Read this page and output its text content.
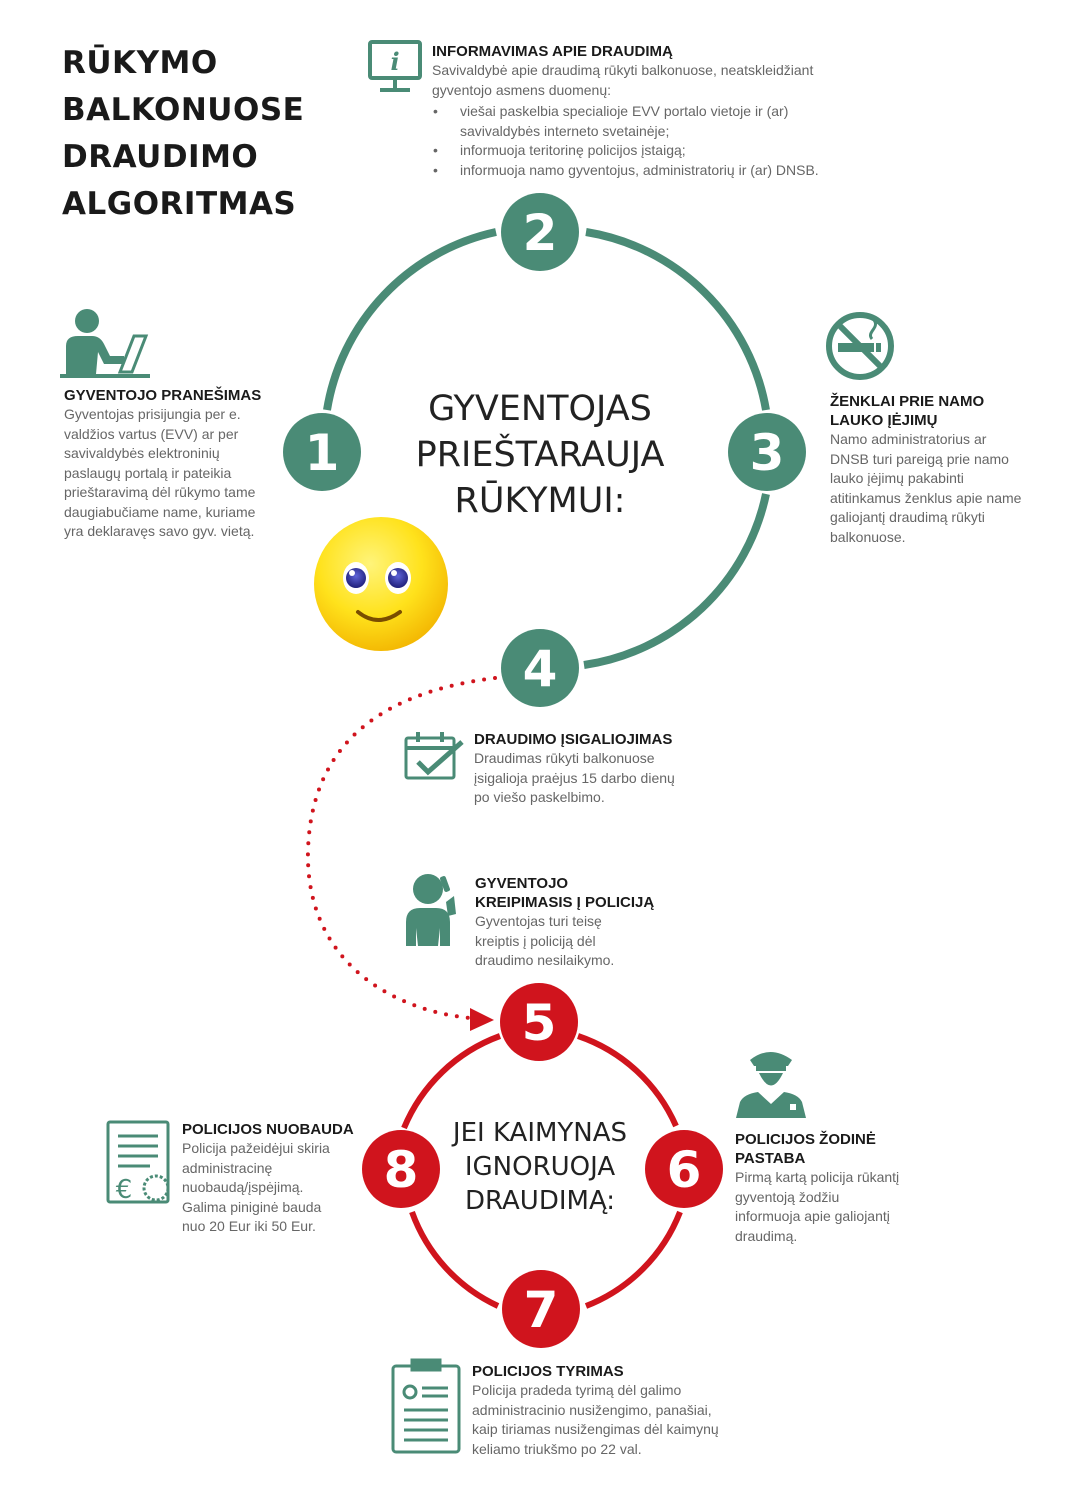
2
1	3
4
5
6
7
8
i
€
RŪKYMO
BALKONUOSE
DRAUDIMO
ALGORITMAS
INFORMAVIMAS APIE DRAUDIMĄ
Savivaldybė apie draudimą rūkyti balkonuose, neatskleidžiant
gyventojo asmens duomenų:
• viešai paskelbia specialioje EVV portalo vietoje ir (ar)
savivaldybės interneto svetainėje;
• informuoja teritorinę policijos įstaigą;
• informuoja namo gyventojus, administratorių ir (ar) DNSB.
GYVENTOJO PRANEŠIMAS
Gyventojas prisijungia per e.
valdžios vartus (EVV) ar per
savivaldybės elektroninių
paslaugų portalą ir pateikia
prieštaravimą dėl rūkymo tame
daugiabučiame name, kuriame
yra deklaravęs savo gyv. vietą.
ŽENKLAI PRIE NAMO
LAUKO ĮĖJIMŲ
Namo administratorius ar
DNSB turi pareigą prie namo
lauko įėjimų pakabinti
atitinkamus ženklus apie name
galiojantį draudimą rūkyti
balkonuose.
GYVENTOJAS
PRIEŠTARAUJA
RŪKYMUI:
DRAUDIMO ĮSIGALIOJIMAS
Draudimas rūkyti balkonuose
įsigalioja praėjus 15 darbo dienų
po viešo paskelbimo.
GYVENTOJO
KREIPIMASIS Į POLICIJĄ
Gyventojas turi teisę
kreiptis į policiją dėl
draudimo nesilaikymo.
POLICIJOS NUOBAUDA
Policija pažeidėjui skiria
administracinę
nuobaudą/įspėjimą.
Galima piniginė bauda
nuo 20 Eur iki 50 Eur.
JEI KAIMYNAS
IGNORUOJA
DRAUDIMĄ:
POLICIJOS ŽODINĖ
PASTABA
Pirmą kartą policija rūkantį
gyventoją žodžiu
informuoja apie galiojantį
draudimą.
POLICIJOS TYRIMAS
Policija pradeda tyrimą dėl galimo
administracinio nusižengimo, panašiai,
kaip tiriamas nusižengimas dėl kaimynų
keliamo triukšmo po 22 val.
